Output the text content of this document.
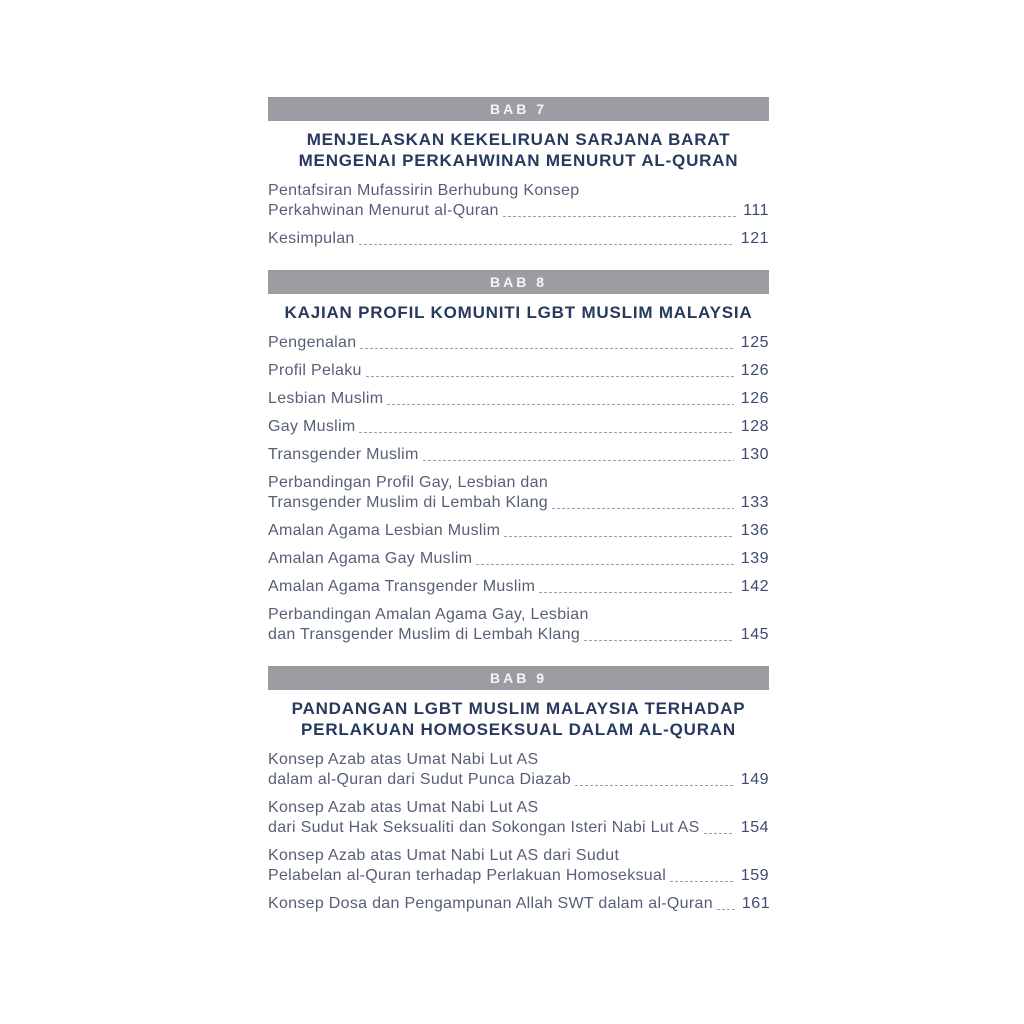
BAB 7
MENJELASKAN KEKELIRUAN SARJANA BARAT
MENGENAI PERKAHWINAN MENURUT AL-QURAN
Pentafsiran Mufassirin Berhubung Konsep
Perkahwinan Menurut al-Quran	111
Kesimpulan	121
BAB 8
KAJIAN PROFIL KOMUNITI LGBT MUSLIM MALAYSIA
Pengenalan	125
Profil Pelaku	126
Lesbian Muslim	126
Gay Muslim	128
Transgender Muslim	130
Perbandingan Profil Gay, Lesbian dan
Transgender Muslim di Lembah Klang	133
Amalan Agama Lesbian Muslim	136
Amalan Agama Gay Muslim	139
Amalan Agama Transgender Muslim	142
Perbandingan Amalan Agama Gay, Lesbian
dan Transgender Muslim di Lembah Klang	145
BAB 9
PANDANGAN LGBT MUSLIM MALAYSIA TERHADAP
PERLAKUAN HOMOSEKSUAL DALAM AL-QURAN
Konsep Azab atas Umat Nabi Lut AS
dalam al-Quran dari Sudut Punca Diazab	149
Konsep Azab atas Umat Nabi Lut AS
dari Sudut Hak Seksualiti dan Sokongan Isteri Nabi Lut AS	154
Konsep Azab atas Umat Nabi Lut AS dari Sudut
Pelabelan al-Quran terhadap Perlakuan Homoseksual	159
Konsep Dosa dan Pengampunan Allah SWT dalam al-Quran 161
